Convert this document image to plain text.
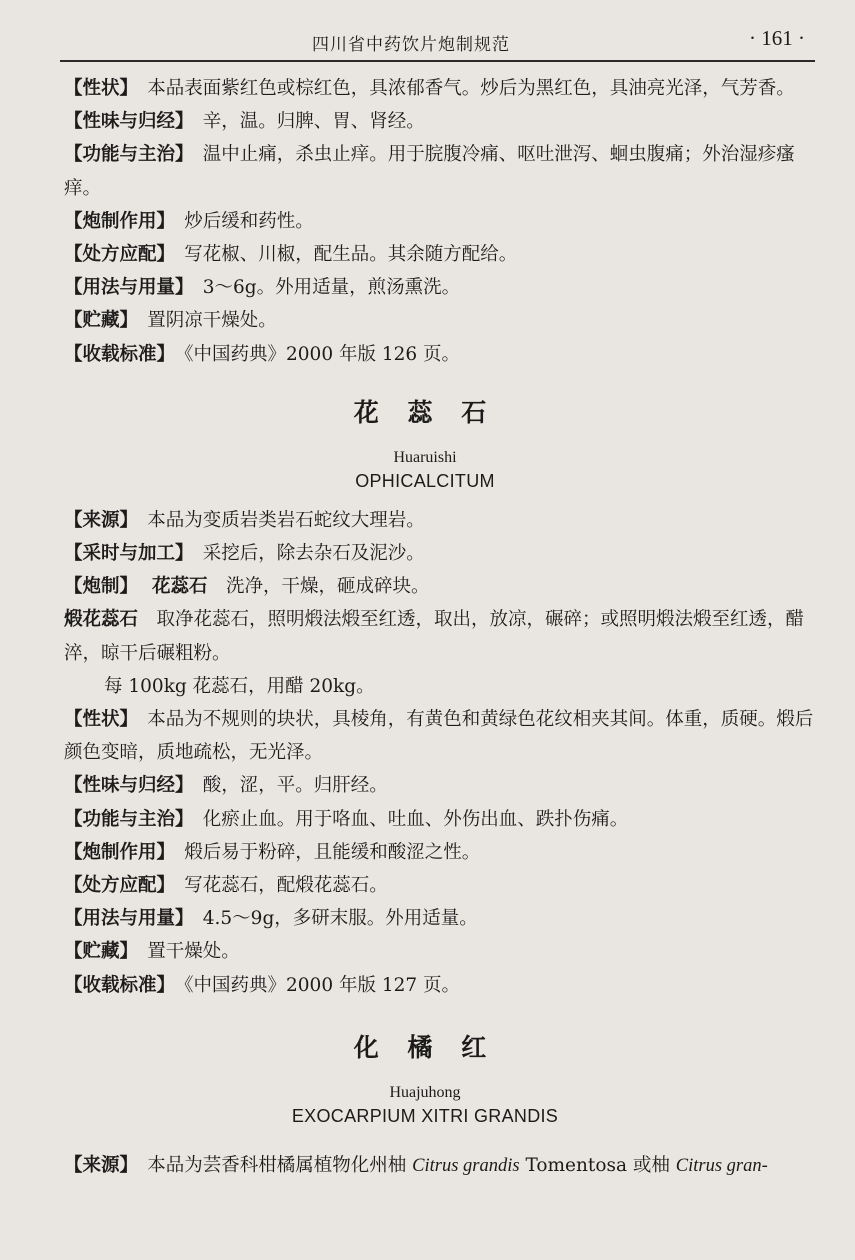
四川省中药饮片炮制规范	· 161 ·

【性状】　本品表面紫红色或棕红色，具浓郁香气。炒后为黑红色，具油亮光泽，气芳香。

【性味与归经】　辛，温。归脾、胃、肾经。

【功能与主治】　温中止痛，杀虫止痒。用于脘腹冷痛、呕吐泄泻、蛔虫腹痛；外治湿疹瘙痒。

【炮制作用】　炒后缓和药性。

【处方应配】　写花椒、川椒，配生品。其余随方配给。

【用法与用量】　3～6g。外用适量，煎汤熏洗。

【贮藏】　置阴凉干燥处。

【收载标准】　《中国药典》2000 年版 126 页。

花 蕊 石

Huaruishi

OPHICALCITUM

【来源】　本品为变质岩类岩石蛇纹大理岩。

【采时与加工】　采挖后，除去杂石及泥沙。

【炮制】 花蕊石　洗净，干燥，砸成碎块。

煅花蕊石　取净花蕊石，照明煅法煅至红透，取出，放凉，碾碎；或照明煅法煅至红透，醋淬，晾干后碾粗粉。

每 100kg 花蕊石，用醋 20kg。

【性状】　本品为不规则的块状，具棱角，有黄色和黄绿色花纹相夹其间。体重，质硬。煅后颜色变暗，质地疏松，无光泽。

【性味与归经】　酸，涩，平。归肝经。

【功能与主治】　化瘀止血。用于咯血、吐血、外伤出血、跌扑伤痛。

【炮制作用】　煅后易于粉碎，且能缓和酸涩之性。

【处方应配】　写花蕊石，配煅花蕊石。

【用法与用量】　4.5～9g，多研末服。外用适量。

【贮藏】　置干燥处。

【收载标准】　《中国药典》2000 年版 127 页。

化 橘 红

Huajuhong

EXOCARPIUM XITRI GRANDIS

【来源】　本品为芸香科柑橘属植物化州柚 Citrus grandis Tomentosa 或柚 Citrus gran-
